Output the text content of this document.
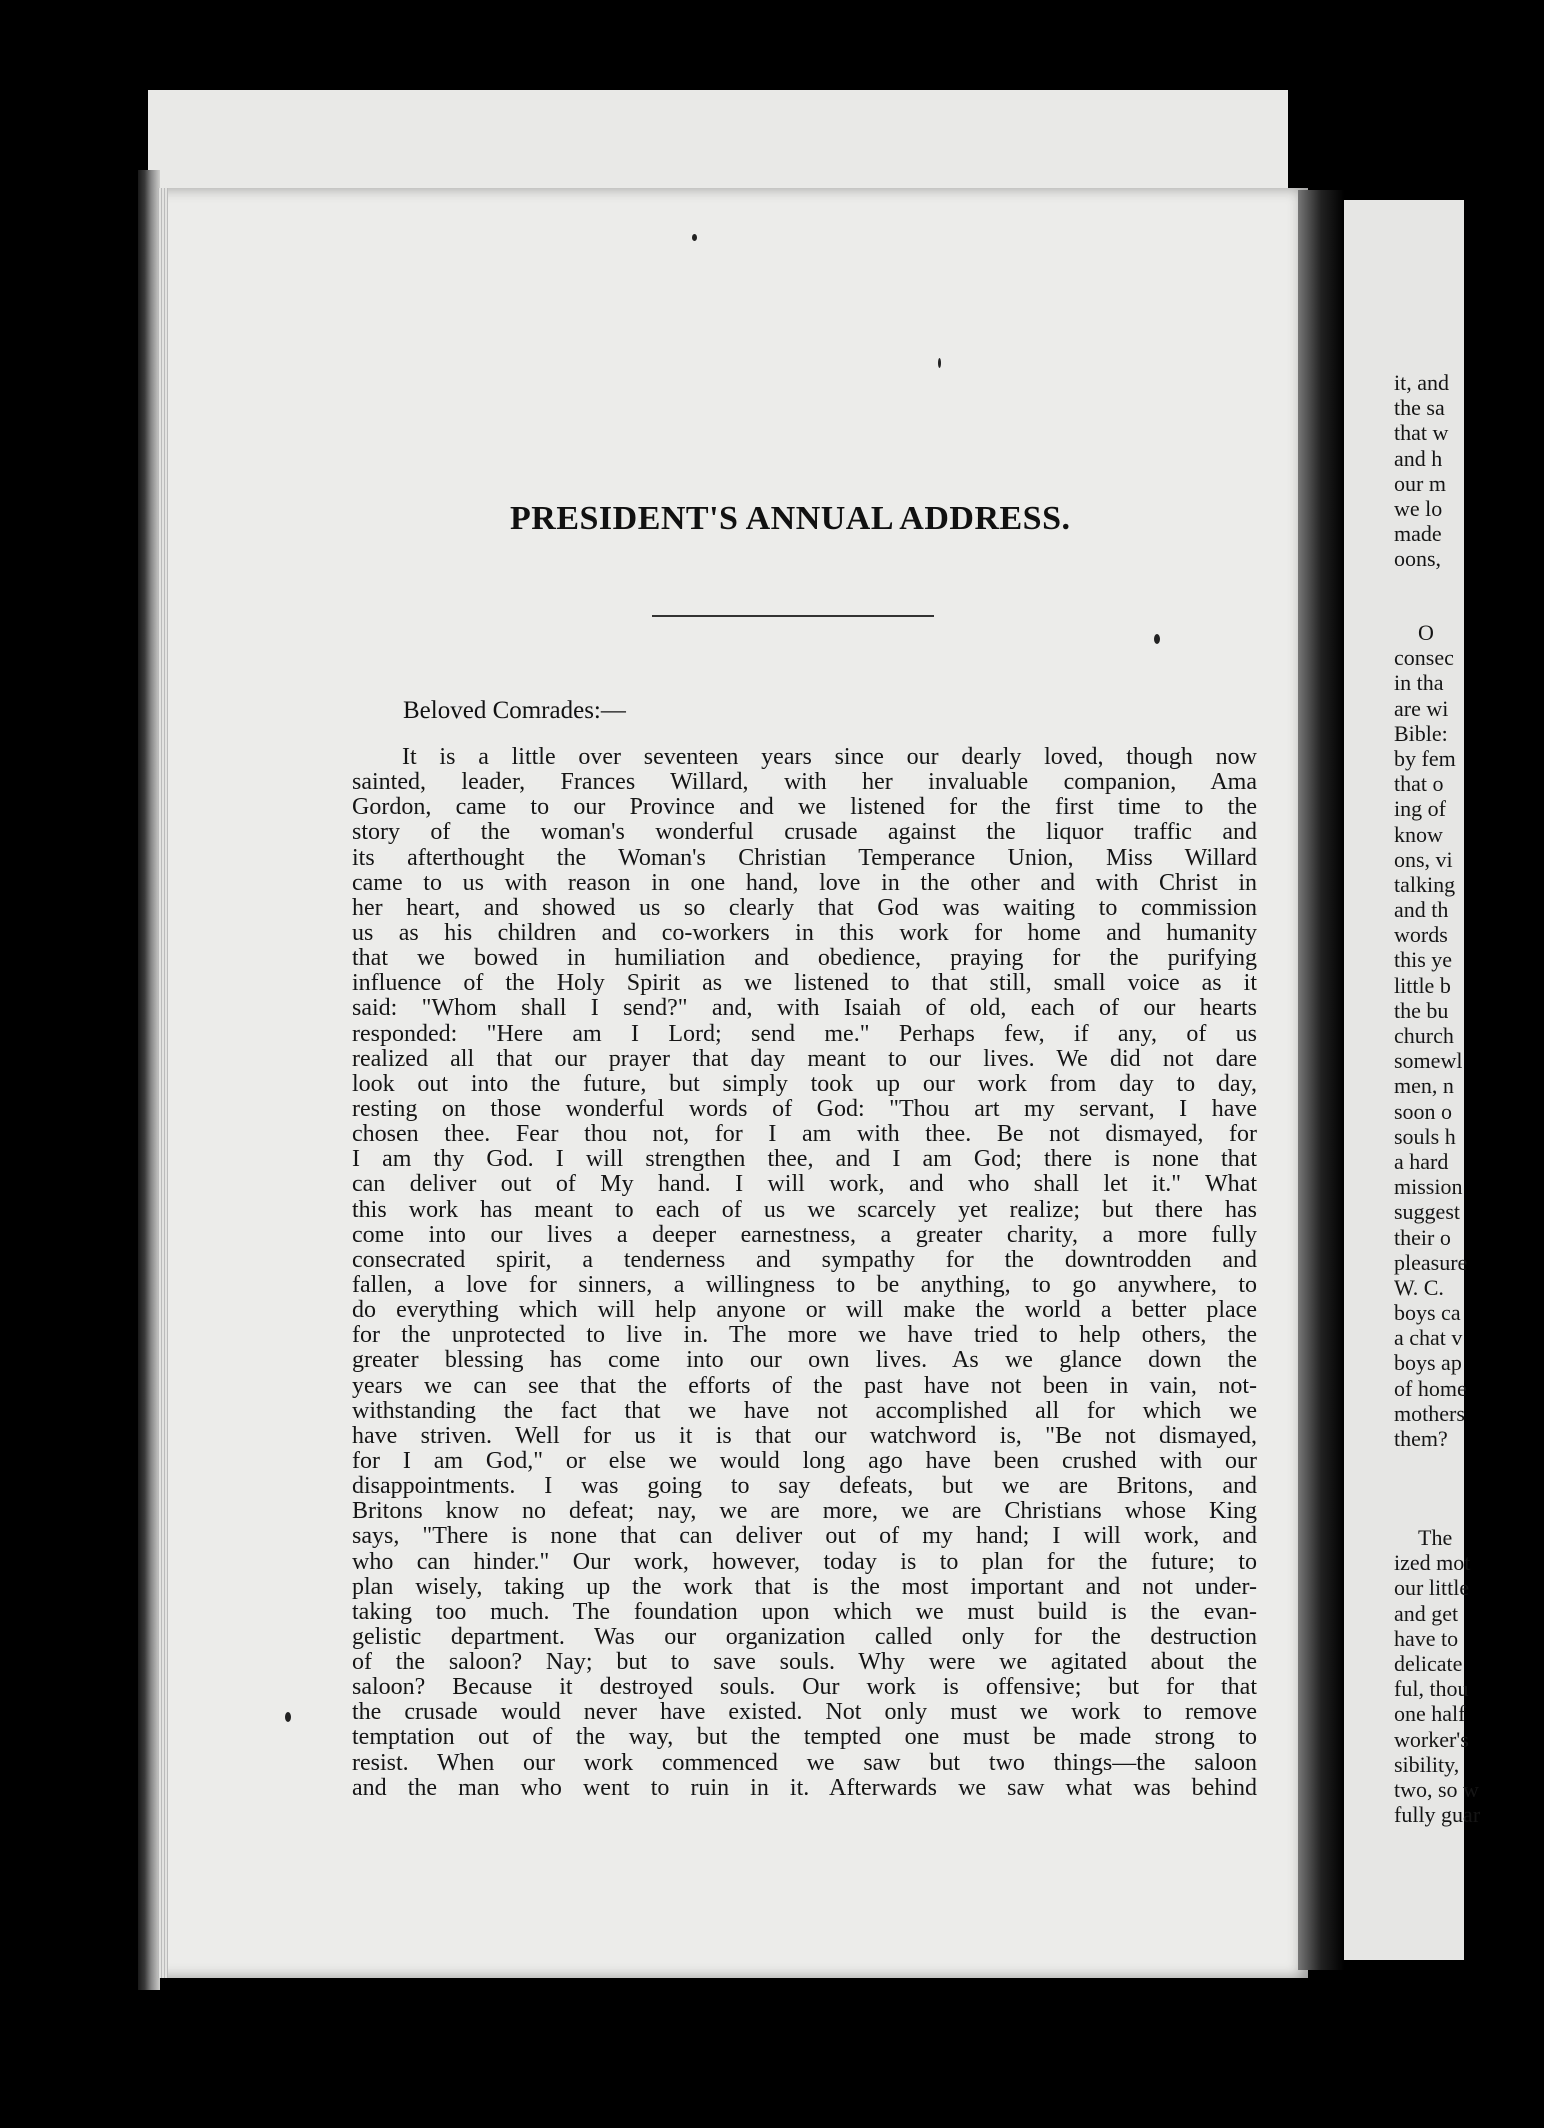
PRESIDENT'S ANNUAL ADDRESS.
Beloved Comrades:—
It is a little over seventeen years since our dearly loved, though now
sainted, leader, Frances Willard, with her invaluable companion, Ama
Gordon, came to our Province and we listened for the first time to the
story of the woman's wonderful crusade against the liquor traffic and
its afterthought the Woman's Christian Temperance Union, Miss Willard
came to us with reason in one hand, love in the other and with Christ in
her heart, and showed us so clearly that God was waiting to commission
us as his children and co-workers in this work for home and humanity
that we bowed in humiliation and obedience, praying for the purifying
influence of the Holy Spirit as we listened to that still, small voice as it
said: "Whom shall I send?" and, with Isaiah of old, each of our hearts
responded: "Here am I Lord; send me." Perhaps few, if any, of us
realized all that our prayer that day meant to our lives. We did not dare
look out into the future, but simply took up our work from day to day,
resting on those wonderful words of God: "Thou art my servant, I have
chosen thee. Fear thou not, for I am with thee. Be not dismayed, for
I am thy God. I will strengthen thee, and I am God; there is none that
can deliver out of My hand. I will work, and who shall let it." What
this work has meant to each of us we scarcely yet realize; but there has
come into our lives a deeper earnestness, a greater charity, a more fully
consecrated spirit, a tenderness and sympathy for the downtrodden and
fallen, a love for sinners, a willingness to be anything, to go anywhere, to
do everything which will help anyone or will make the world a better place
for the unprotected to live in. The more we have tried to help others, the
greater blessing has come into our own lives. As we glance down the
years we can see that the efforts of the past have not been in vain, not-
withstanding the fact that we have not accomplished all for which we
have striven. Well for us it is that our watchword is, "Be not dismayed,
for I am God," or else we would long ago have been crushed with our
disappointments. I was going to say defeats, but we are Britons, and
Britons know no defeat; nay, we are more, we are Christians whose King
says, "There is none that can deliver out of my hand; I will work, and
who can hinder." Our work, however, today is to plan for the future; to
plan wisely, taking up the work that is the most important and not under-
taking too much. The foundation upon which we must build is the evan-
gelistic department. Was our organization called only for the destruction
of the saloon? Nay; but to save souls. Why were we agitated about the
saloon? Because it destroyed souls. Our work is offensive; but for that
the crusade would never have existed. Not only must we work to remove
temptation out of the way, but the tempted one must be made strong to
resist. When our work commenced we saw but two things—the saloon
and the man who went to ruin in it. Afterwards we saw what was behind
it, and
the sa
that w
and h
our m
we lo
made
oons,
O
consec
in tha
are wi
Bible:
by fem
that o
ing of
know
ons, vi
talking
and th
words
this ye
little b
the bu
church
somewl
men, n
soon o
souls h
a hard
mission
suggest
their o
pleasure
W. C.
boys ca
a chat v
boys ap
of home
mothers
them?
The
ized mot
our little
and get
have to
delicate
ful, thou
one half
worker's
sibility,
two, so w
fully guar
